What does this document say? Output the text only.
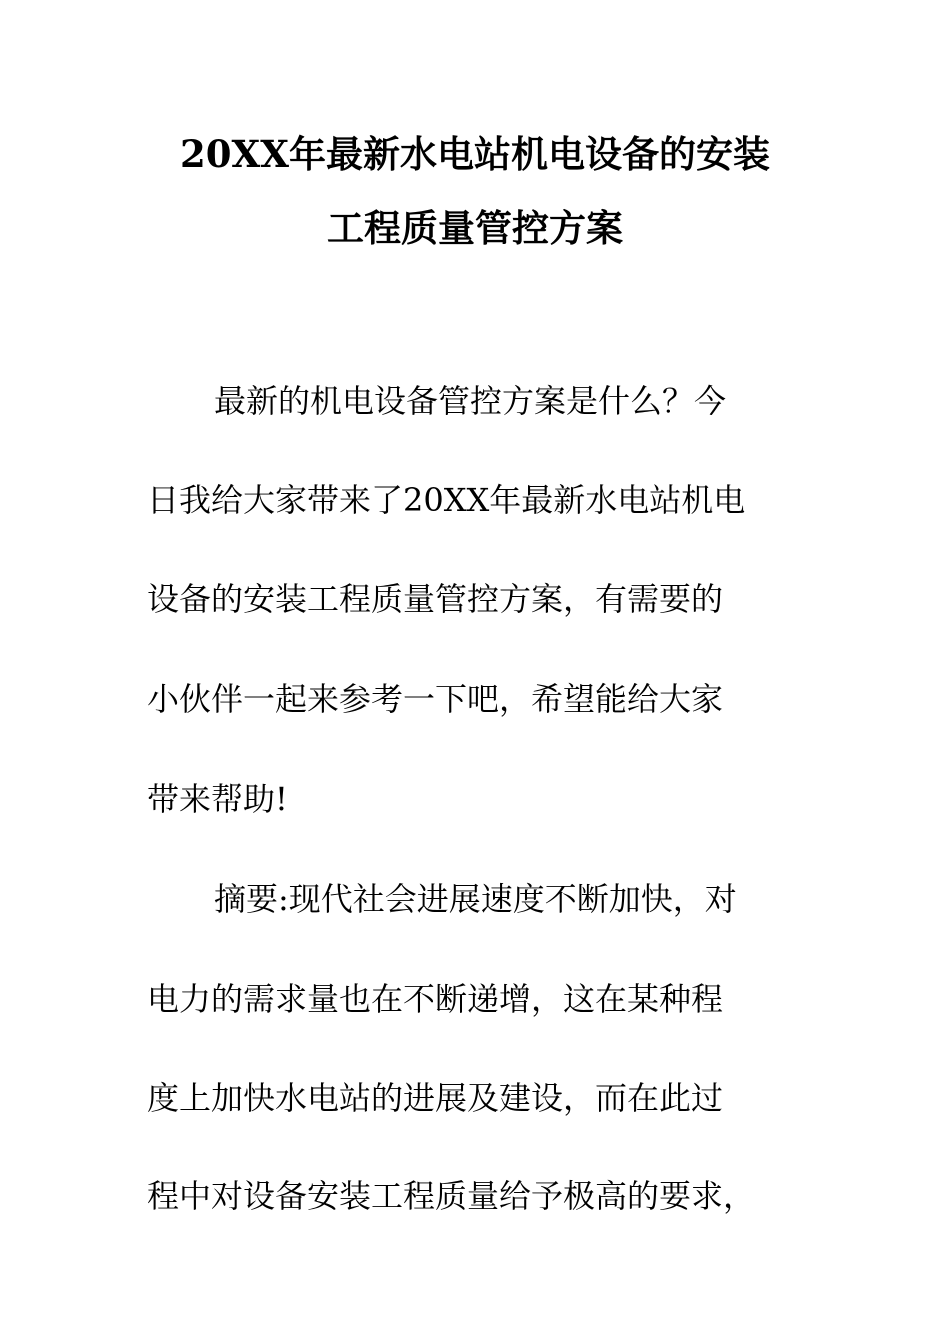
20XX年最新水电站机电设备的安装
工程质量管控方案
最新的机电设备管控方案是什么？今
日我给大家带来了20XX年最新水电站机电
设备的安装工程质量管控方案，有需要的
小伙伴一起来参考一下吧，希望能给大家
带来帮助!
摘要:现代社会进展速度不断加快，对
电力的需求量也在不断递增，这在某种程
度上加快水电站的进展及建设，而在此过
程中对设备安装工程质量给予极高的要求，
